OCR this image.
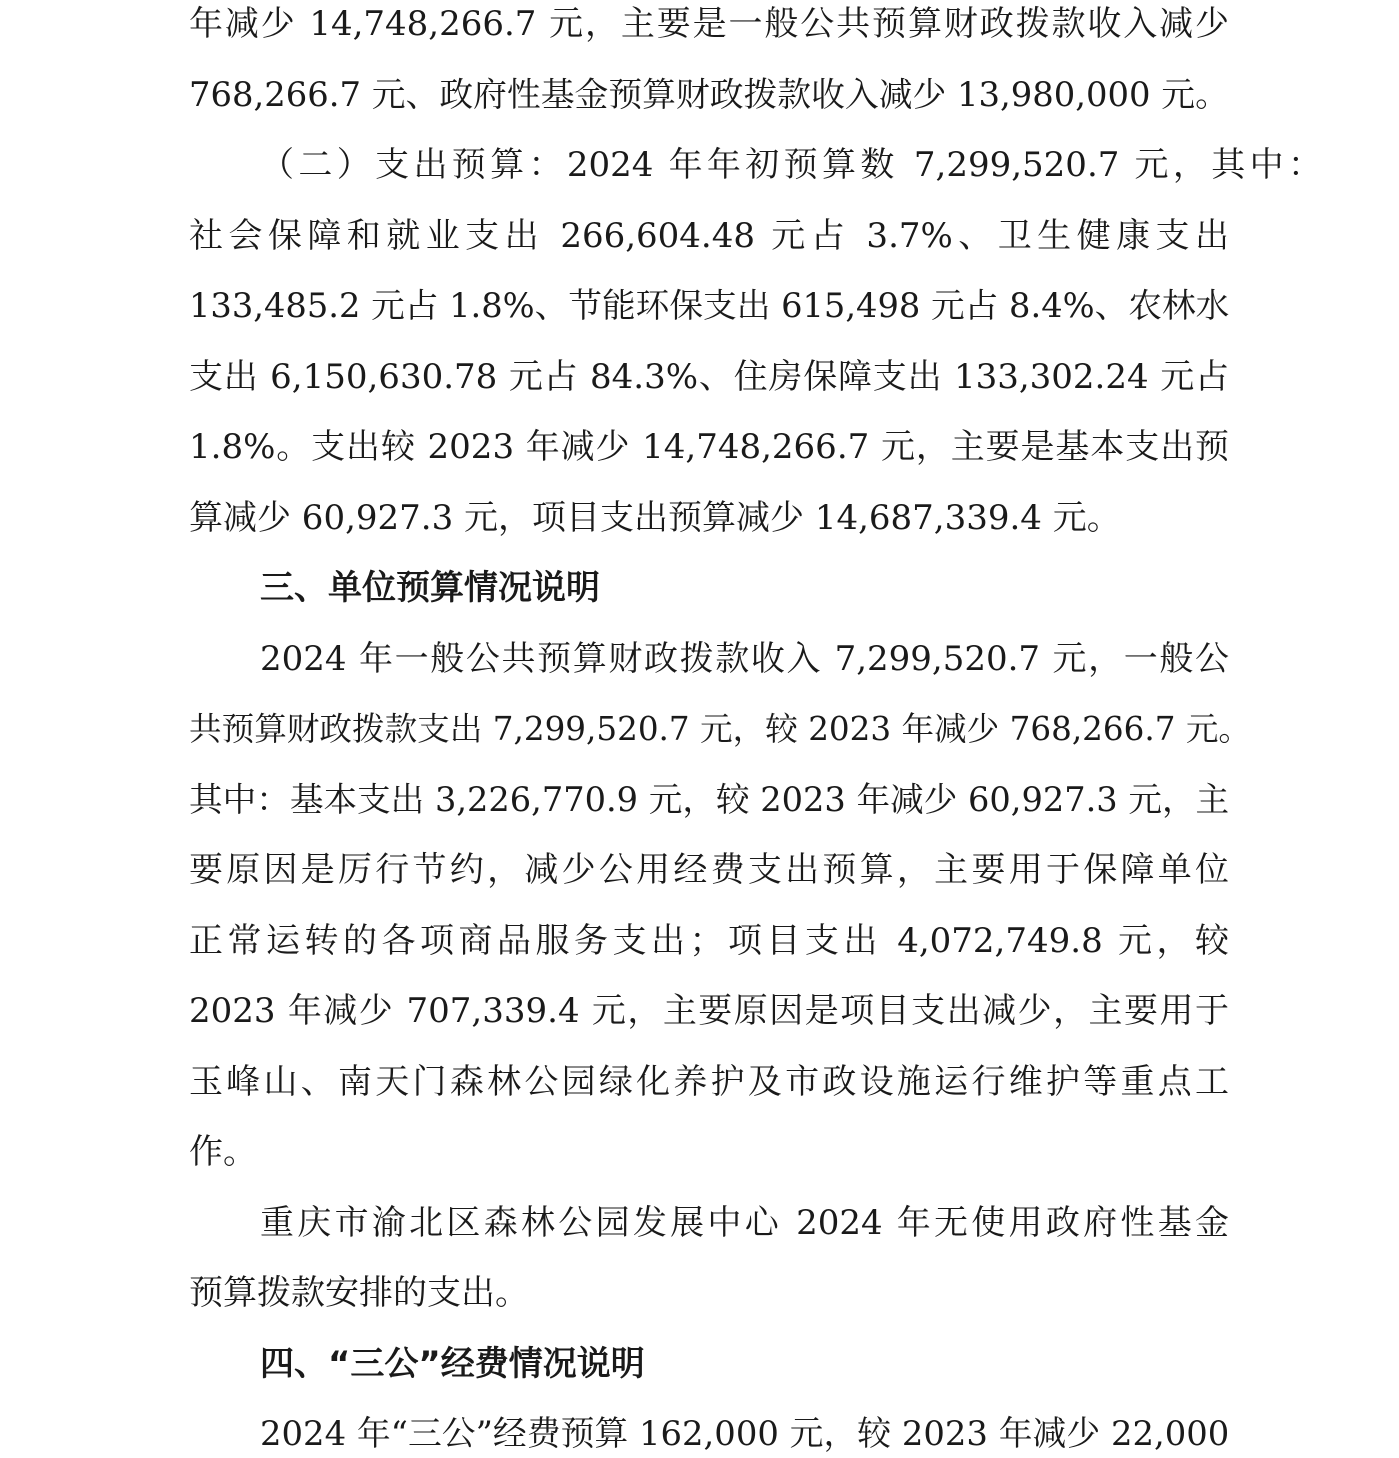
年减少 14,748,266.7 元，主要是一般公共预算财政拨款收入减少
768,266.7 元、政府性基金预算财政拨款收入减少 13,980,000 元。
（二）支出预算：2024 年年初预算数 7,299,520.7 元，其中：
社会保障和就业支出 266,604.48 元占 3.7%、卫生健康支出
133,485.2 元占 1.8%、节能环保支出 615,498 元占 8.4%、农林水
支出 6,150,630.78 元占 84.3%、住房保障支出 133,302.24 元占
1.8%。支出较 2023 年减少 14,748,266.7 元，主要是基本支出预
算减少 60,927.3 元，项目支出预算减少 14,687,339.4 元。
三、单位预算情况说明
2024 年一般公共预算财政拨款收入 7,299,520.7 元，一般公
共预算财政拨款支出 7,299,520.7 元，较 2023 年减少 768,266.7 元。
其中：基本支出 3,226,770.9 元，较 2023 年减少 60,927.3 元，主
要原因是厉行节约，减少公用经费支出预算，主要用于保障单位
正常运转的各项商品服务支出；项目支出 4,072,749.8 元，较
2023 年减少 707,339.4 元，主要原因是项目支出减少，主要用于
玉峰山、南天门森林公园绿化养护及市政设施运行维护等重点工
作。
重庆市渝北区森林公园发展中心 2024 年无使用政府性基金
预算拨款安排的支出。
四、“三公”经费情况说明
2024 年“三公”经费预算 162,000 元，较 2023 年减少 22,000
